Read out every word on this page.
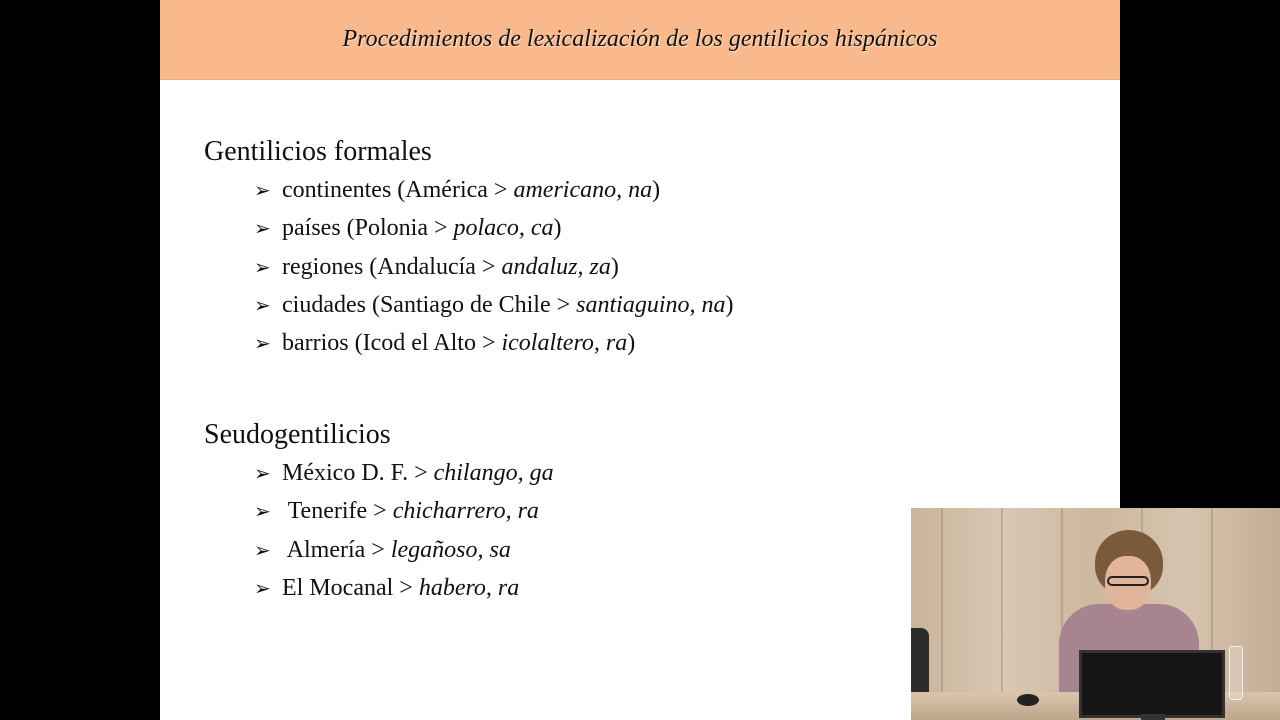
Procedimientos de lexicalización de los gentilicios hispánicos
Gentilicios formales
➢ continentes (América > americano, na )
➢ países (Polonia > polaco, ca )
➢ regiones (Andalucía > andaluz, za )
➢ ciudades (Santiago de Chile > santiaguino, na )
➢ barrios (Icod el Alto > icolaltero, ra )
Seudogentilicios
➢ México D. F. > chilango, ga
➢ Tenerife > chicharrero, ra
➢ Almería > legañoso, sa
➢ El Mocanal > habero, ra
